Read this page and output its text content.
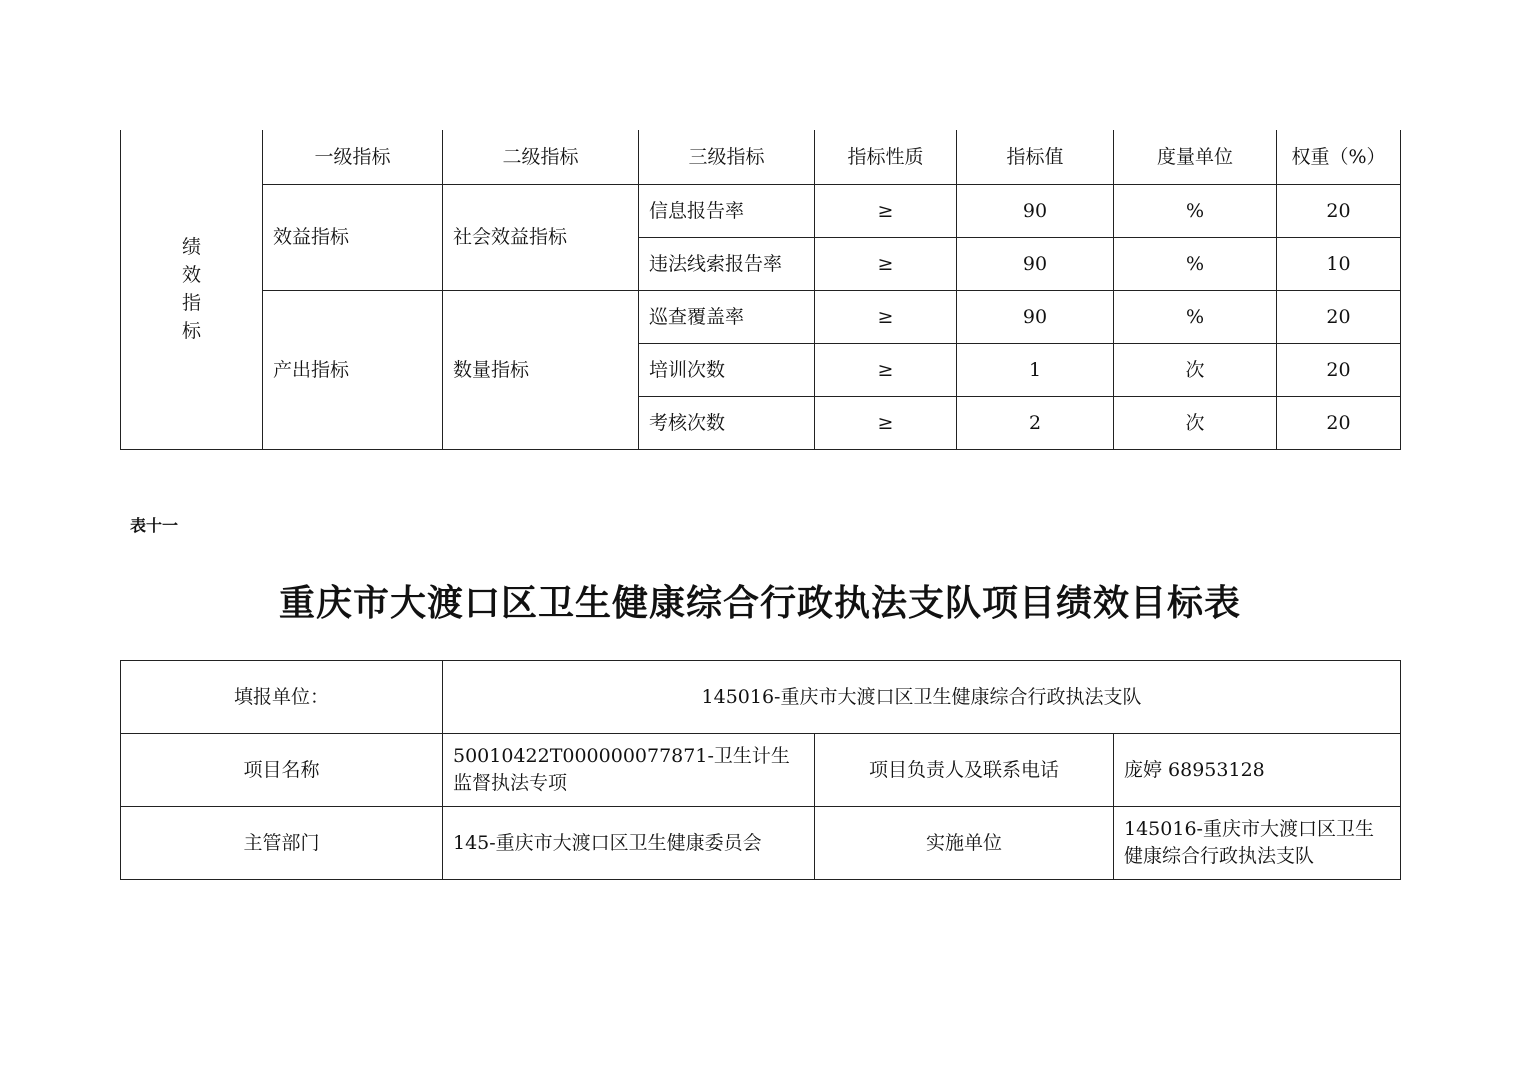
绩效指标	一级指标	二级指标	三级指标	指标性质	指标值	度量单位	权重（%）
	效益指标	社会效益指标	信息报告率	≥	90	%	20
			违法线索报告率	≥	90	%	10
	产出指标	数量指标	巡查覆盖率	≥	90	%	20
			培训次数	≥	1	次	20
			考核次数	≥	2	次	20
表十一
重庆市大渡口区卫生健康综合行政执法支队项目绩效目标表
填报单位：	145016-重庆市大渡口区卫生健康综合行政执法支队		
项目名称	50010422T000000077871-卫生计生监督执法专项	项目负责人及联系电话	庞婷 68953128
主管部门	145-重庆市大渡口区卫生健康委员会	实施单位	145016-重庆市大渡口区卫生健康综合行政执法支队
